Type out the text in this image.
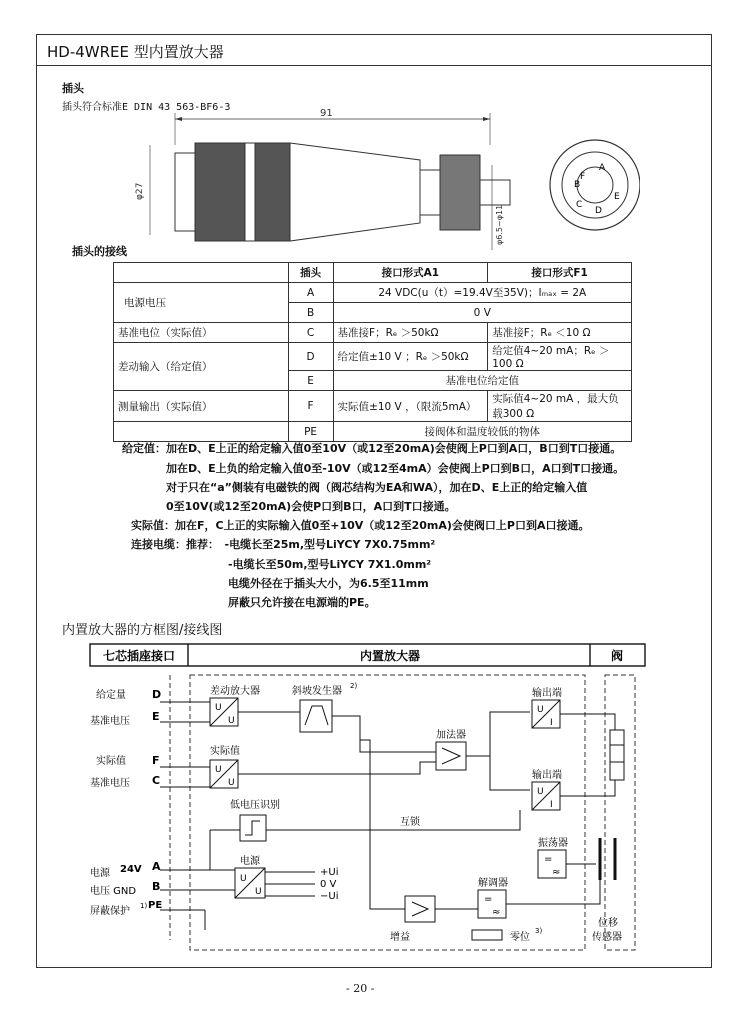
HD-4WREE 型内置放大器
插头
插头符合标准E DIN 43 563-BF6-3
91
φ27
φ6.5~φ11
A
B
C
D
E
F
插头的接线
	插头	接口形式A1	接口形式F1
电源电压	A	24 VDC(u（t）=19.4V至35V)；Iₘₐₓ = 2A	
	B	0 V	
基准电位（实际值）	C	基准接F；Rₑ ＞50kΩ	基准接F；Rₑ ＜10 Ω
差动输入（给定值）	D	给定值±10 V ；Rₑ ＞50kΩ	给定值4~20 mA；Rₑ ＞100 Ω
	E	基准电位给定值	
测量输出（实际值）	F	实际值±10 V ，（限流5mA）	实际值4~20 mA ，最大负载300 Ω
	PE	接阀体和温度较低的物体	
给定值：加在D、E上正的给定输入值0至10V（或12至20mA)会使阀上P口到A口，B口到T口接通。
加在D、E上负的给定输入值0至-10V（或12至4mA）会使阀上P口到B口，A口到T口接通。
对于只在“a”侧装有电磁铁的阀（阀芯结构为EA和WA），加在D、E上正的给定输入值
0至10V(或12至20mA)会使P口到B口，A口到T口接通。
实际值：加在F，C上正的实际输入值0至+10V（或12至20mA)会使阀口上P口到A口接通。
连接电缆：推荐：　-电缆长至25m,型号LiYCY 7X0.75mm²
-电缆长至50m,型号LiYCY 7X1.0mm²
电缆外径在于插头大小，为6.5至11mm
屏蔽只允许接在电源端的PE。
内置放大器的方框图/接线图
七芯插座接口	内置放大器	阀
给定量
基准电压
实际值
基准电压
电源 24V
电压 GND
屏蔽保护 1)
D
E
F
C
A
B
PE
差动放大器
U
U
斜坡发生器 2)
实际值
U
U
加法器
输出端
U
I
输出端
U
I
低电压识别
互锁
振荡器
=
≈
电源
U
U
+Ui
0 V
−Ui
解调器
=
≈
增益	零位
3)
位移
传感器
- 20 -
